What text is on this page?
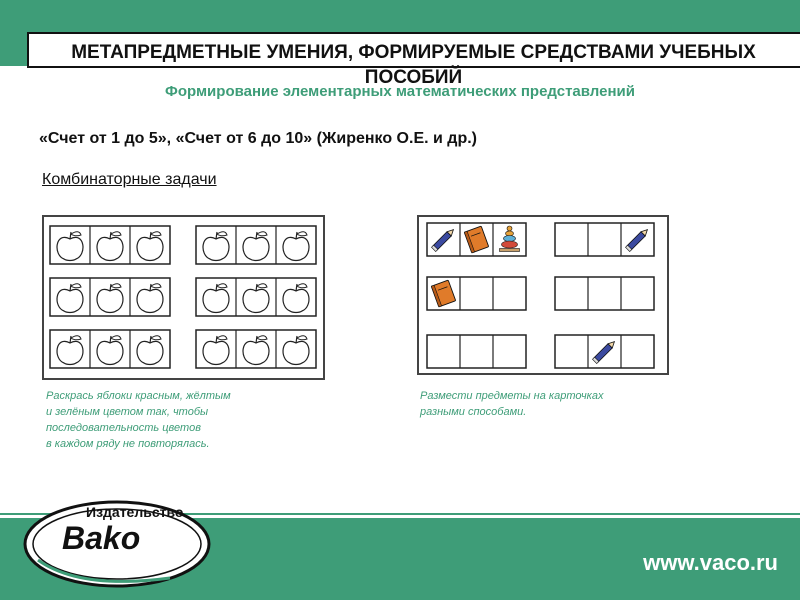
МЕТАПРЕДМЕТНЫЕ УМЕНИЯ, ФОРМИРУЕМЫЕ СРЕДСТВАМИ УЧЕБНЫХ ПОСОБИЙ
Формирование элементарных математических представлений
«Счет от 1 до 5», «Счет от 6 до 10» (Жиренко О.Е. и др.)
Комбинаторные задачи
Раскрась яблоки красным, жёлтым
и зелёным цветом так, чтобы
последовательность цветов
в каждом ряду не повторялась.
Размести предметы на карточках
разными способами.
Издательство
Bako
www.vaco.ru
